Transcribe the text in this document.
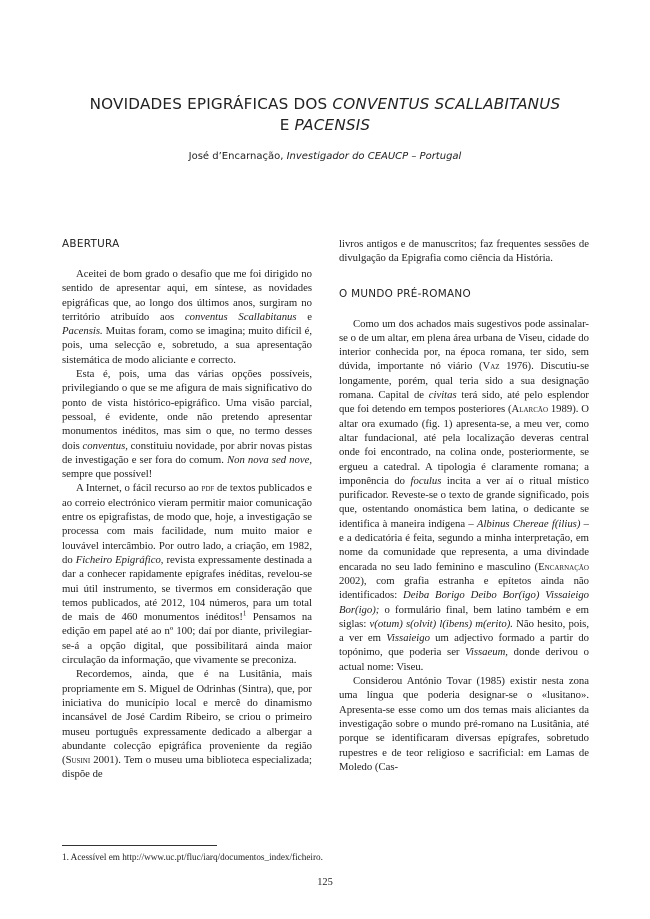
NOVIDADES EPIGRÁFICAS DOS CONVENTUS SCALLABITANUS
E PACENSIS
José d’Encarnação, Investigador do CEAUCP – Portugal
ABERTURA

Aceitei de bom grado o desafio que me foi dirigido no sentido de apresentar aqui, em síntese, as novidades epigráficas que, ao longo dos últimos anos, surgiram no território atribuído aos conventus Scallabitanus e Pacensis. Muitas foram, como se imagina; muito difícil é, pois, uma selecção e, sobretudo, a sua apresentação sistemática de modo aliciante e correcto.

Esta é, pois, uma das várias opções possíveis, privilegiando o que se me afigura de mais significativo do ponto de vista histórico-epigráfico. Uma visão parcial, pessoal, é evidente, onde não pretendo apresentar monumentos inéditos, mas sim o que, no termo desses dois conventus, constituiu novidade, por abrir novas pistas de investigação e ser fora do comum. Non nova sed nove, sempre que possível!

A Internet, o fácil recurso ao pdf de textos publicados e ao correio electrónico vieram permitir maior comunicação entre os epigrafistas, de modo que, hoje, a investigação se processa com mais facilidade, num muito maior e louvável intercâmbio. Por outro lado, a criação, em 1982, do Ficheiro Epigráfico, revista expressamente destinada a dar a conhecer rapidamente epígrafes inéditas, revelou-se mui útil instrumento, se tivermos em consideração que temos publicados, até 2012, 104 números, para um total de mais de 460 monumentos inéditos!$^1$ Pensamos na edição em papel até ao nº 100; daí por diante, privilegiar-se-á a opção digital, que possibilitará ainda maior circulação da informação, que vivamente se preconiza.

Recordemos, ainda, que é na Lusitânia, mais propriamente em S. Miguel de Odrinhas (Sintra), que, por iniciativa do município local e mercê do dinamismo incansável de José Cardim Ribeiro, se criou o primeiro museu português expressamente dedicado a albergar a abundante colecção epigráfica proveniente da região (Susini 2001). Tem o museu uma biblioteca especializada; dispõe de

livros antigos e de manuscritos; faz frequentes sessões de divulgação da Epigrafia como ciência da História.

O MUNDO PRÉ-ROMANO

Como um dos achados mais sugestivos pode assinalar-se o de um altar, em plena área urbana de Viseu, cidade do interior conhecida por, na época romana, ter sido, sem dúvida, importante nó viário (Vaz 1976). Discutiu-se longamente, porém, qual teria sido a sua designação romana. Capital de civitas terá sido, até pelo esplendor que foi detendo em tempos posteriores (Alarcão 1989). O altar ora exumado (fig. 1) apresenta-se, a meu ver, como altar fundacional, até pela localização deveras central onde foi encontrado, na colina onde, posteriormente, se ergueu a catedral. A tipologia é claramente romana; a imponência do foculus incita a ver aí o ritual místico purificador. Reveste-se o texto de grande significado, pois que, ostentando onomástica bem latina, o dedicante se identifica à maneira indígena – Albinus Chereae f(ilius) – e a dedicatória é feita, segundo a minha interpretação, em nome da comunidade que representa, a uma divindade encarada no seu lado feminino e masculino (Encarnação 2002), com grafia estranha e epítetos ainda não identificados: Deiba Borigo Deibo Bor(igo) Vissaieigo Bor(igo); o formulário final, bem latino também e em siglas: v(otum) s(olvit) l(ibens) m(erito). Não hesito, pois, a ver em Vissaieigo um adjectivo formado a partir do topónimo, que poderia ser Vissaeum, donde derivou o actual nome: Viseu.

Considerou António Tovar (1985) existir nesta zona uma língua que poderia designar-se o «lusitano». Apresenta-se esse como um dos temas mais aliciantes da investigação sobre o mundo pré-romano na Lusitânia, até porque se identificaram diversas epígrafes, sobretudo rupestres e de teor religioso e sacrificial: em Lamas de Moledo (Cas-

1. Acessível em http://www.uc.pt/fluc/iarq/documentos_index/ficheiro.
125
